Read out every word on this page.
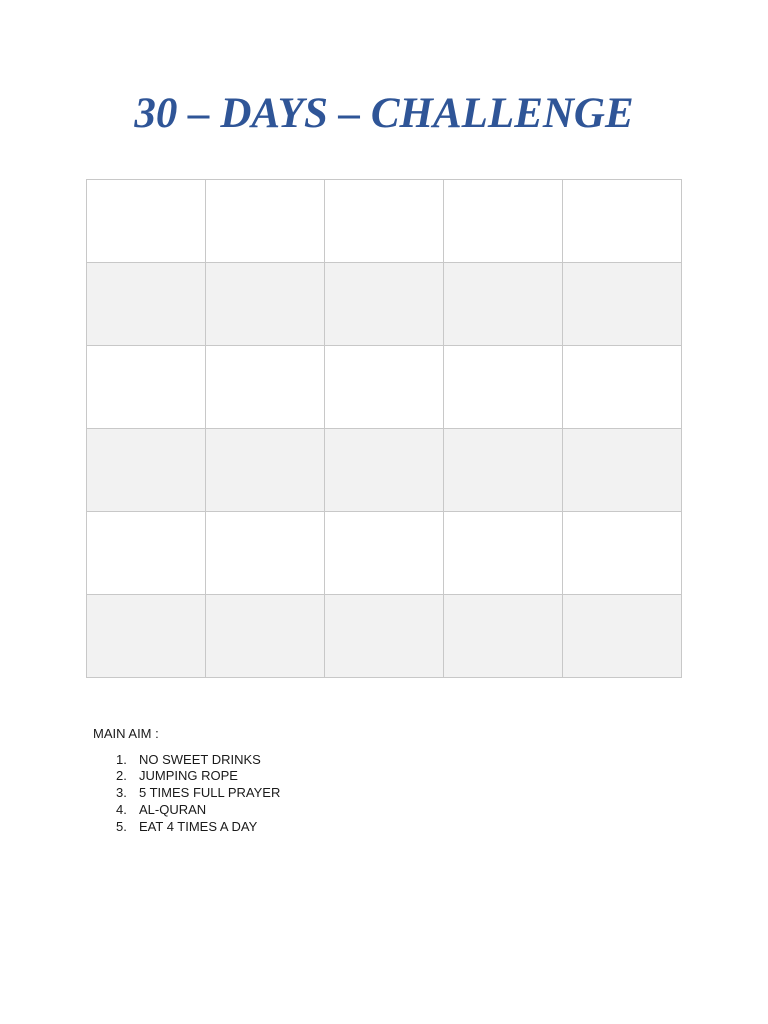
30 – DAYS – CHALLENGE

MAIN AIM :

1. NO SWEET DRINKS
2. JUMPING ROPE
3. 5 TIMES FULL PRAYER
4. AL-QURAN
5. EAT 4 TIMES A DAY
